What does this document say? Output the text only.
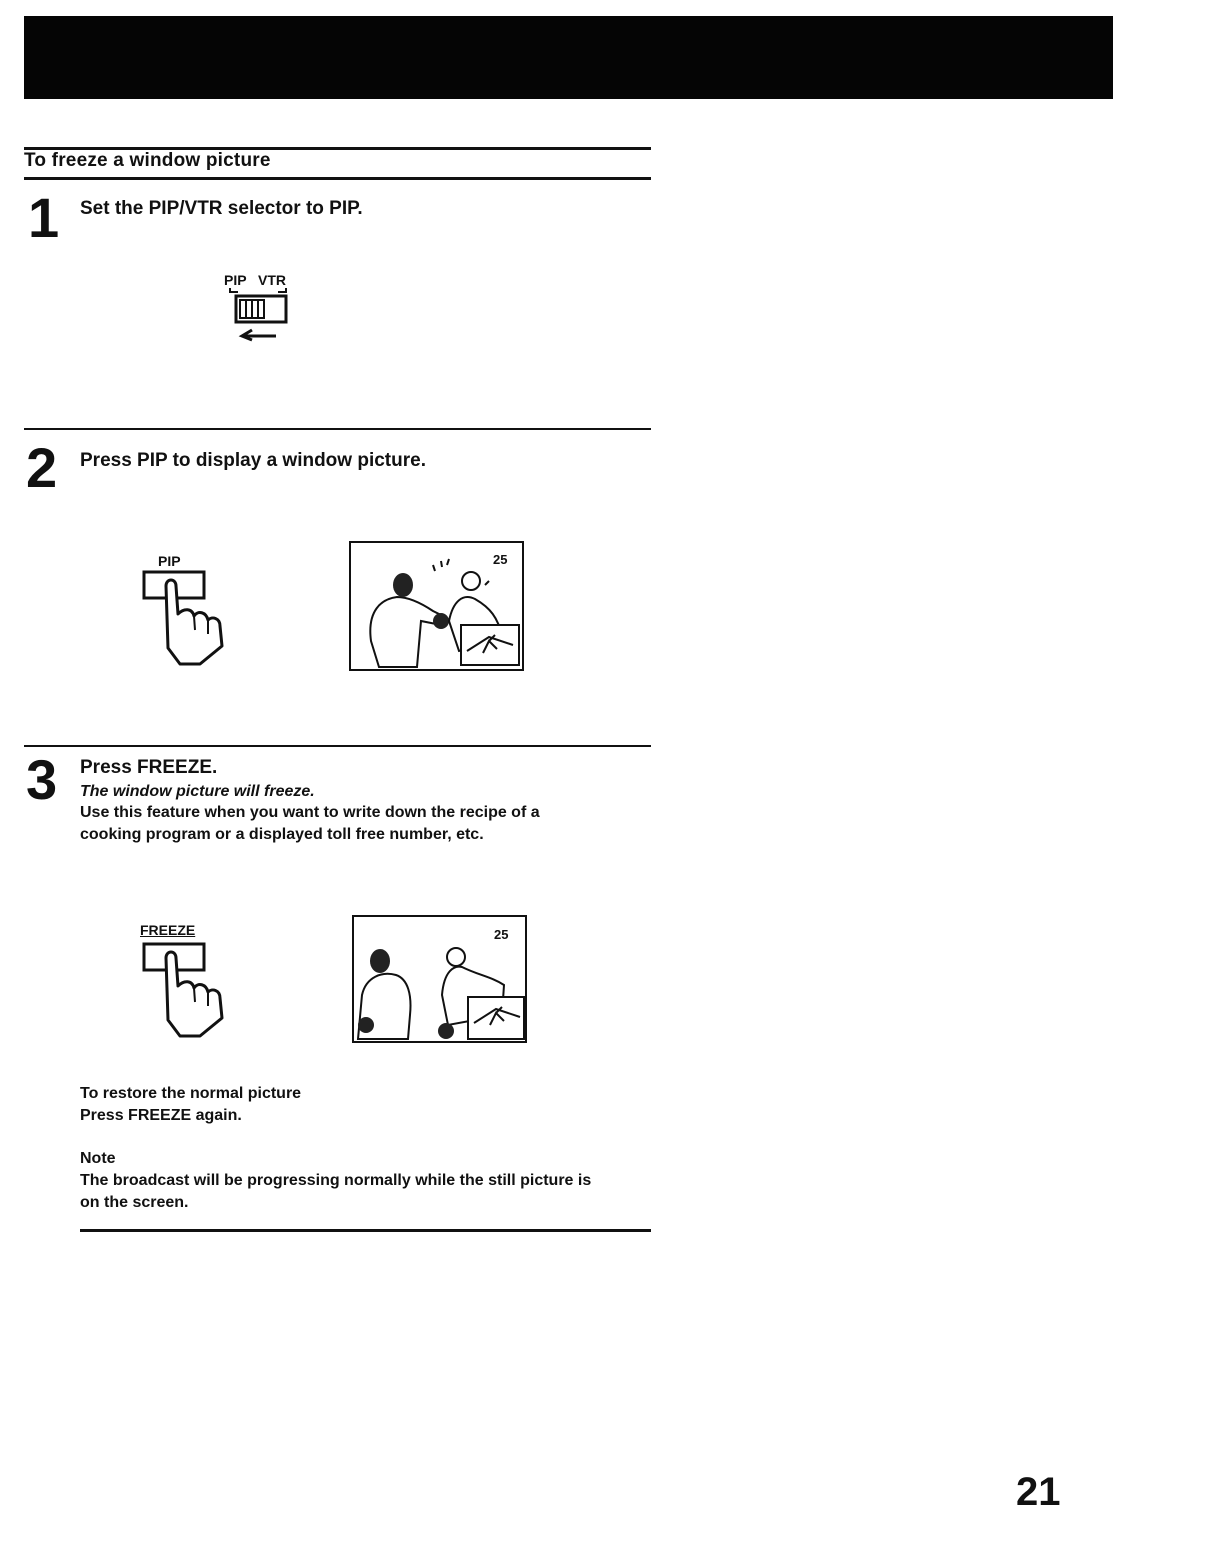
To freeze a window picture
1 Set the PIP/VTR selector to PIP.
PIP VTR
2 Press PIP to display a window picture.
PIP	25
3 Press FREEZE.
The window picture will freeze.
Use this feature when you want to write down the recipe of a
cooking program or a displayed toll free number, etc.
FREEZE	25
To restore the normal picture
Press FREEZE again.
Note
The broadcast will be progressing normally while the still picture is
on the screen.
21
